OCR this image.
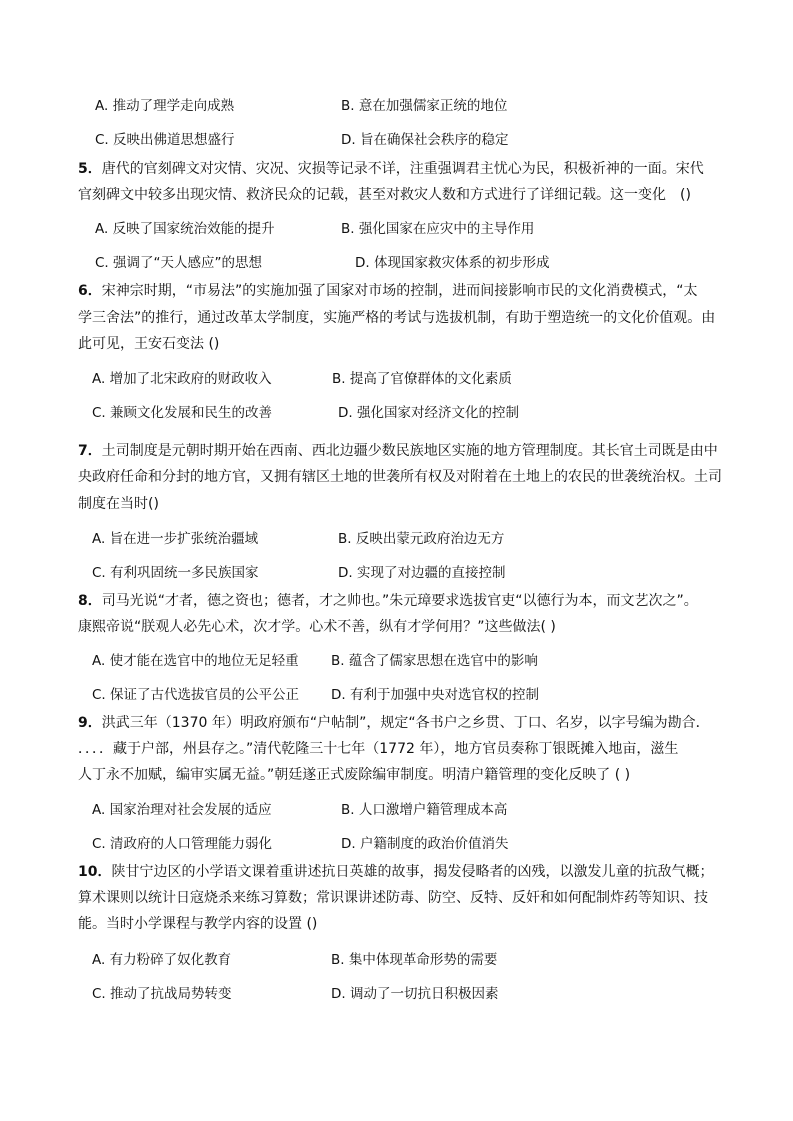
A. 推动了理学走向成熟	B. 意在加强儒家正统的地位
C. 反映出佛道思想盛行	D. 旨在确保社会秩序的稳定
5．唐代的官刻碑文对灾情、灾况、灾损等记录不详，注重强调君主忧心为民，积极祈神的一面。宋代
官刻碑文中较多出现灾情、救济民众的记载，甚至对救灾人数和方式进行了详细记载。这一变化　()
A. 反映了国家统治效能的提升	B. 强化国家在应灾中的主导作用
C. 强调了“天人感应”的思想	D. 体现国家救灾体系的初步形成
6．宋神宗时期，“市易法”的实施加强了国家对市场的控制，进而间接影响市民的文化消费模式，“太
学三舍法”的推行，通过改革太学制度，实施严格的考试与选拔机制，有助于塑造统一的文化价值观。由
此可见，王安石变法 ()
A. 增加了北宋政府的财政收入	B. 提高了官僚群体的文化素质
C. 兼顾文化发展和民生的改善	D. 强化国家对经济文化的控制
7．土司制度是元朝时期开始在西南、西北边疆少数民族地区实施的地方管理制度。其长官土司既是由中
央政府任命和分封的地方官，又拥有辖区土地的世袭所有权及对附着在土地上的农民的世袭统治权。土司
制度在当时()
A. 旨在进一步扩张统治疆域	B. 反映出蒙元政府治边无方
C. 有利巩固统一多民族国家	D. 实现了对边疆的直接控制
8．司马光说“才者，德之资也；德者，才之帅也。”朱元璋要求选拔官吏“以德行为本，而文艺次之”。
康熙帝说“朕观人必先心术，次才学。心术不善，纵有才学何用？”这些做法( )
A. 使才能在选官中的地位无足轻重 B. 蕴含了儒家思想在选官中的影响
C. 保证了古代选拔官员的公平公正 D. 有利于加强中央对选官权的控制
9．洪武三年（1370 年）明政府颁布“户帖制”，规定“各书户之乡贯、丁口、名岁，以字号编为勘合．
．．．．藏于户部，州县存之。”清代乾隆三十七年（1772 年），地方官员奏称丁银既摊入地亩，滋生
人丁永不加赋，编审实属无益。”朝廷遂正式废除编审制度。明清户籍管理的变化反映了 ( )
A. 国家治理对社会发展的适应	B. 人口激增户籍管理成本高
C. 清政府的人口管理能力弱化	D. 户籍制度的政治价值消失
10．陕甘宁边区的小学语文课着重讲述抗日英雄的故事，揭发侵略者的凶残，以激发儿童的抗敌气概；
算术课则以统计日寇烧杀来练习算数；常识课讲述防毒、防空、反特、反奸和如何配制炸药等知识、技
能。当时小学课程与教学内容的设置 ()
A. 有力粉碎了奴化教育	B. 集中体现革命形势的需要
C. 推动了抗战局势转变	D. 调动了一切抗日积极因素
